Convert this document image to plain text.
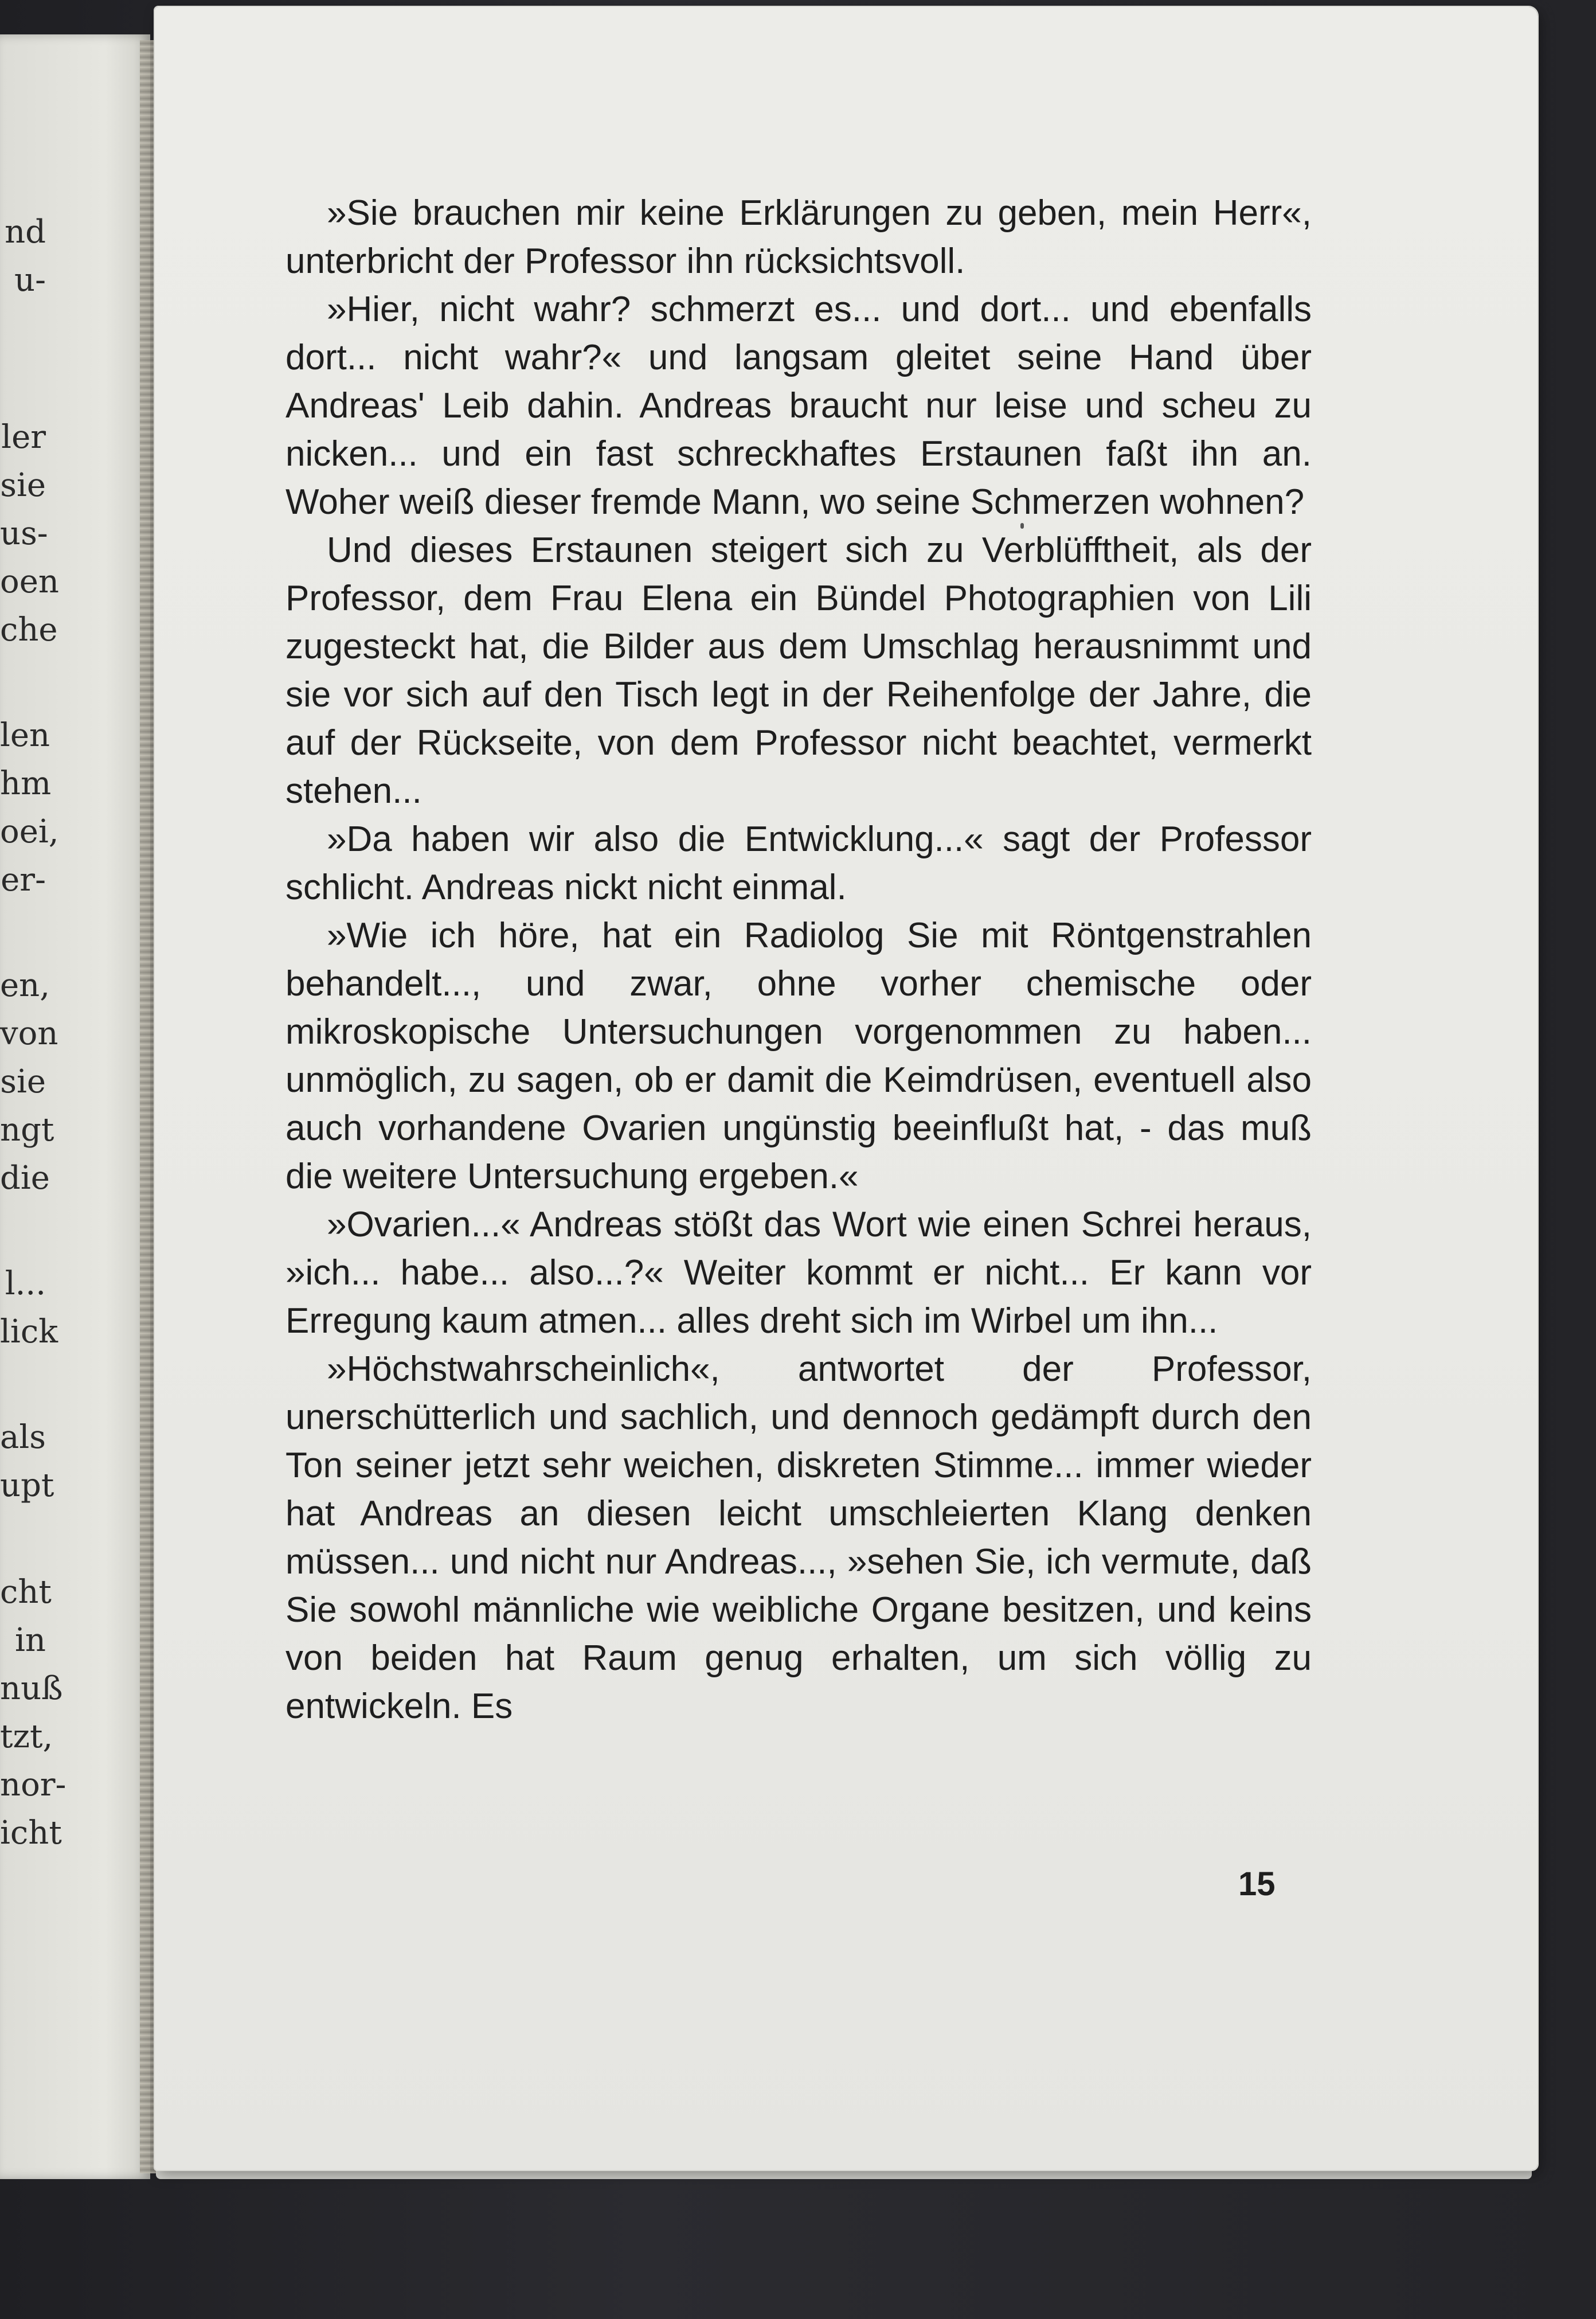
nd
u-
ler
sie
us-
oen
che
len
hm
oei,
er-
en,
von
sie
ngt
die
l...
lick
als
upt
cht
in
nuß
tzt,
nor-
icht

»Sie brauchen mir keine Erklärungen zu geben, mein Herr«, unterbricht der Professor ihn rücksichtsvoll.

»Hier, nicht wahr? schmerzt es... und dort... und ebenfalls dort... nicht wahr?« und langsam gleitet seine Hand über Andreas' Leib dahin. Andreas braucht nur leise und scheu zu nicken... und ein fast schreckhaftes Erstaunen faßt ihn an. Woher weiß dieser fremde Mann, wo seine Schmerzen wohnen?

Und dieses Erstaunen steigert sich zu Verblüfftheit, als der Professor, dem Frau Elena ein Bündel Photographien von Lili zugesteckt hat, die Bilder aus dem Umschlag herausnimmt und sie vor sich auf den Tisch legt in der Reihenfolge der Jahre, die auf der Rückseite, von dem Professor nicht beachtet, vermerkt stehen...

»Da haben wir also die Entwicklung...« sagt der Professor schlicht. Andreas nickt nicht einmal.

»Wie ich höre, hat ein Radiolog Sie mit Röntgenstrahlen behandelt..., und zwar, ohne vorher chemische oder mikroskopische Untersuchungen vorgenommen zu haben... unmöglich, zu sagen, ob er damit die Keimdrüsen, eventuell also auch vorhandene Ovarien ungünstig beeinflußt hat, - das muß die weitere Untersuchung ergeben.«

»Ovarien...« Andreas stößt das Wort wie einen Schrei heraus, »ich... habe... also...?« Weiter kommt er nicht... Er kann vor Erregung kaum atmen... alles dreht sich im Wirbel um ihn...

»Höchstwahrscheinlich«, antwortet der Professor, unerschütterlich und sachlich, und dennoch gedämpft durch den Ton seiner jetzt sehr weichen, diskreten Stimme... immer wieder hat Andreas an diesen leicht umschleierten Klang denken müssen... und nicht nur Andreas..., »sehen Sie, ich vermute, daß Sie sowohl männliche wie weibliche Organe besitzen, und keins von beiden hat Raum genug erhalten, um sich völlig zu entwickeln. Es

15
